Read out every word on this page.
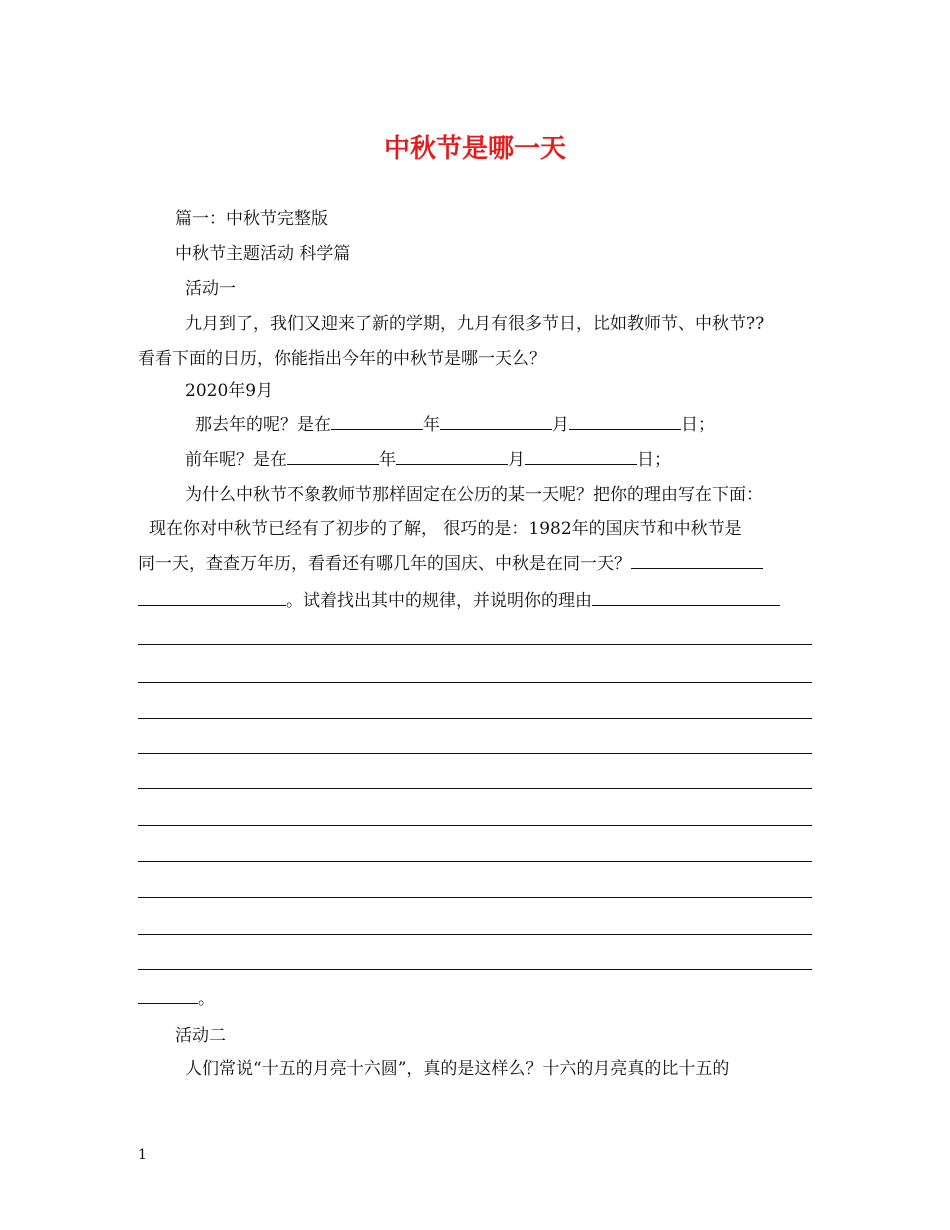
中秋节是哪一天
篇一：中秋节完整版
中秋节主题活动 科学篇
活动一
九月到了，我们又迎来了新的学期，九月有很多节日，比如教师节、中秋节??
看看下面的日历，你能指出今年的中秋节是哪一天么？
2020年9月
那去年的呢？是在	年	月	日；
前年呢？是在	年	月	日；
为什么中秋节不象教师节那样固定在公历的某一天呢？把你的理由写在下面：
现在你对中秋节已经有了初步的了解， 很巧的是：1982年的国庆节和中秋节是
同一天，查查万年历，看看还有哪几年的国庆、中秋是在同一天？
。试着找出其中的规律，并说明你的理由
。
活动二
人们常说“十五的月亮十六圆”，真的是这样么？十六的月亮真的比十五的
1
